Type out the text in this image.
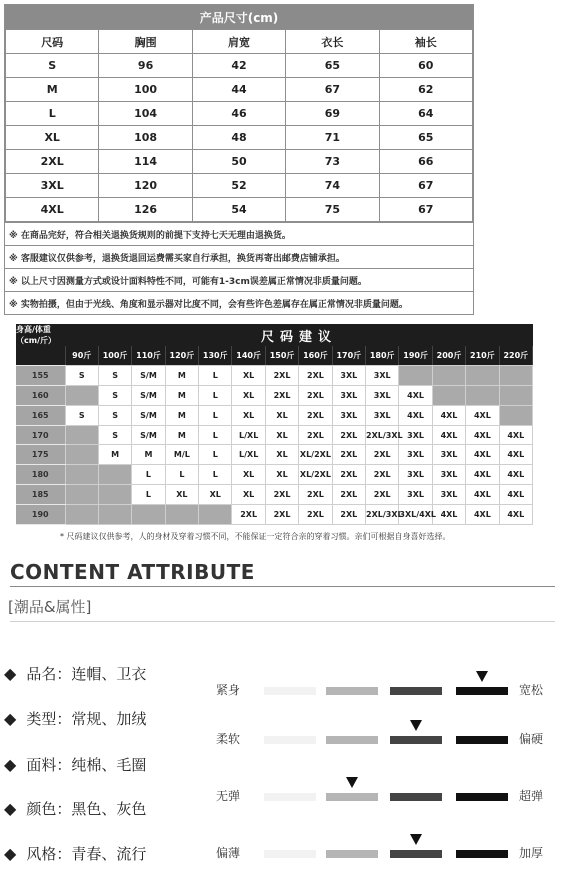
产品尺寸(cm)
尺码	胸围	肩宽	衣长	袖长
S	96	42	65	60
M	100	44	67	62
L	104	46	69	64
XL	108	48	71	65
2XL	114	50	73	66
3XL	120	52	74	67
4XL	126	54	75	67
※ 在商品完好，符合相关退换货规则的前提下支持七天无理由退换货。
※ 客服建议仅供参考，退换货退回运费需买家自行承担，换货再寄出邮费店铺承担。
※ 以上尺寸因测量方式或设计面料特性不同，可能有1-3cm误差属正常情况非质量问题。
※ 实物拍摄，但由于光线、角度和显示器对比度不同，会有些许色差属存在属正常情况非质量问题。
身高/体重（cm/斤）	尺码建议
	90斤	100斤	110斤	120斤	130斤	140斤	150斤	160斤	170斤	180斤	190斤	200斤	210斤	220斤
155	S	S	S/M	M	L	XL	2XL	2XL	3XL	3XL				
160		S	S/M	M	L	XL	2XL	2XL	3XL	3XL	4XL			
165	S	S	S/M	M	L	XL	XL	2XL	3XL	3XL	4XL	4XL	4XL	
170		S	S/M	M	L	L/XL	XL	2XL	2XL	2XL/3XL	3XL	4XL	4XL	4XL
175		M	M	M/L	L	L/XL	XL	XL/2XL	2XL	2XL	3XL	3XL	4XL	4XL
180			L	L	L	XL	XL	XL/2XL	2XL	2XL	3XL	3XL	4XL	4XL
185			L	XL	XL	XL	2XL	2XL	2XL	2XL	3XL	3XL	4XL	4XL
190						2XL	2XL	2XL	2XL	2XL/3XL	3XL/4XL	4XL	4XL	4XL
* 尺码建议仅供参考，人的身材及穿着习惯不同，不能保证一定符合亲的穿着习惯。亲们可根据自身喜好选择。
CONTENT ATTRIBUTE
[潮品&属性]
◆ 品名：连帽、卫衣
◆ 类型：常规、加绒
◆ 面料：纯棉、毛圈
◆ 颜色：黑色、灰色
◆ 风格：青春、流行
紧身	宽松
柔软	偏硬
无弹	超弹
偏薄	加厚
